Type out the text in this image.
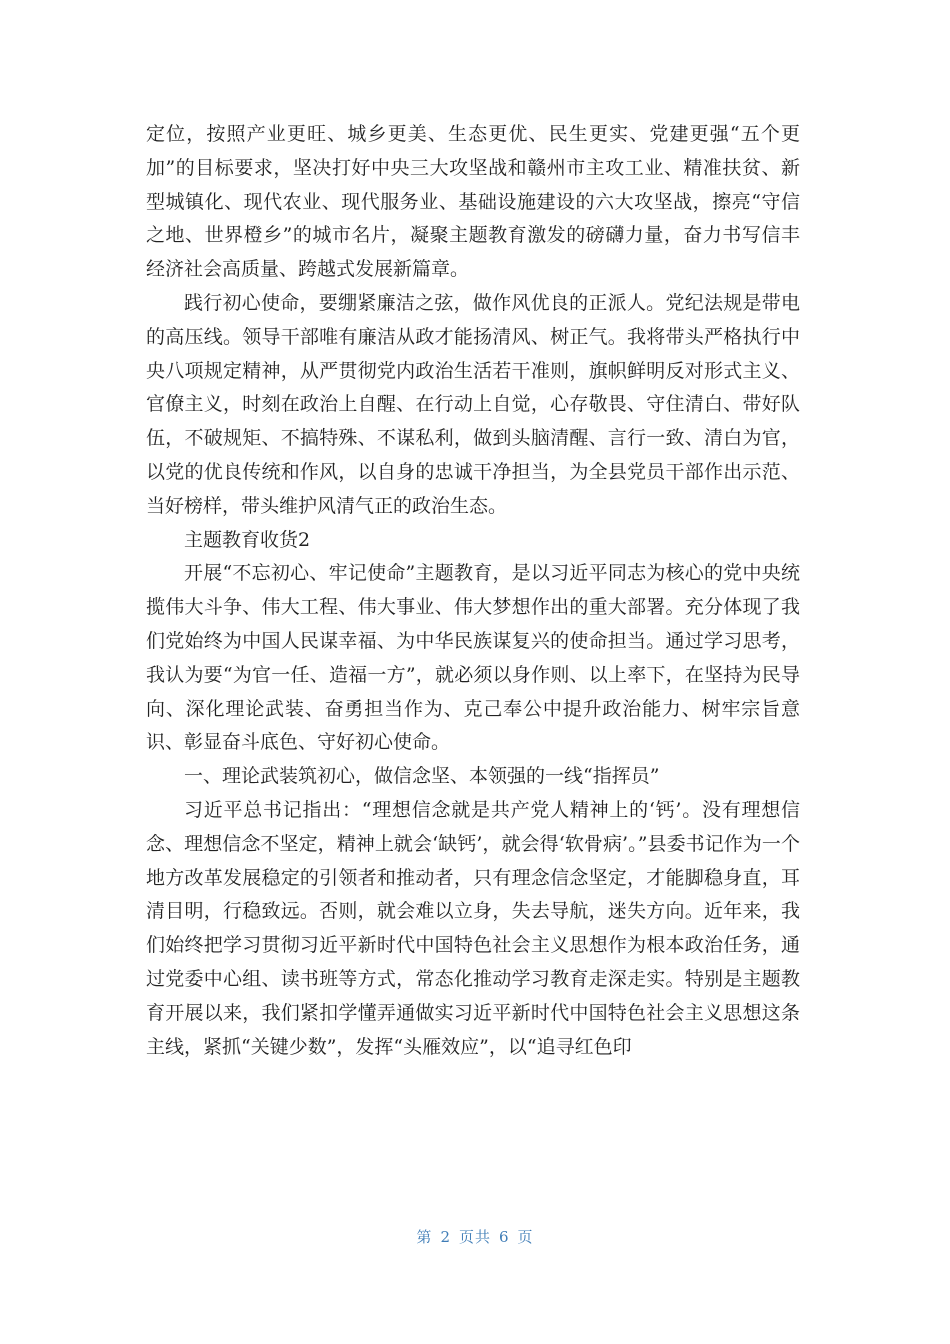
定位，按照产业更旺、城乡更美、生态更优、民生更实、党建更强“五个更加”的目标要求，坚决打好中央三大攻坚战和赣州市主攻工业、精准扶贫、新型城镇化、现代农业、现代服务业、基础设施建设的六大攻坚战，擦亮“守信之地、世界橙乡”的城市名片，凝聚主题教育激发的磅礴力量，奋力书写信丰经济社会高质量、跨越式发展新篇章。

践行初心使命，要绷紧廉洁之弦，做作风优良的正派人。党纪法规是带电的高压线。领导干部唯有廉洁从政才能扬清风、树正气。我将带头严格执行中央八项规定精神，从严贯彻党内政治生活若干准则，旗帜鲜明反对形式主义、官僚主义，时刻在政治上自醒、在行动上自觉，心存敬畏、守住清白、带好队伍，不破规矩、不搞特殊、不谋私利，做到头脑清醒、言行一致、清白为官，以党的优良传统和作风，以自身的忠诚干净担当，为全县党员干部作出示范、当好榜样，带头维护风清气正的政治生态。

主题教育收货2

开展“不忘初心、牢记使命”主题教育，是以习近平同志为核心的党中央统揽伟大斗争、伟大工程、伟大事业、伟大梦想作出的重大部署。充分体现了我们党始终为中国人民谋幸福、为中华民族谋复兴的使命担当。通过学习思考，我认为要“为官一任、造福一方”，就必须以身作则、以上率下，在坚持为民导向、深化理论武装、奋勇担当作为、克己奉公中提升政治能力、树牢宗旨意识、彰显奋斗底色、守好初心使命。

一、理论武装筑初心，做信念坚、本领强的一线“指挥员”

习近平总书记指出：“理想信念就是共产党人精神上的‘钙’。没有理想信念、理想信念不坚定，精神上就会‘缺钙’，就会得‘软骨病’。”县委书记作为一个地方改革发展稳定的引领者和推动者，只有理念信念坚定，才能脚稳身直，耳清目明，行稳致远。否则，就会难以立身，失去导航，迷失方向。近年来，我们始终把学习贯彻习近平新时代中国特色社会主义思想作为根本政治任务，通过党委中心组、读书班等方式，常态化推动学习教育走深走实。特别是主题教育开展以来，我们紧扣学懂弄通做实习近平新时代中国特色社会主义思想这条主线，紧抓“关键少数”，发挥“头雁效应”，以“追寻红色印

第 2 页共 6 页
